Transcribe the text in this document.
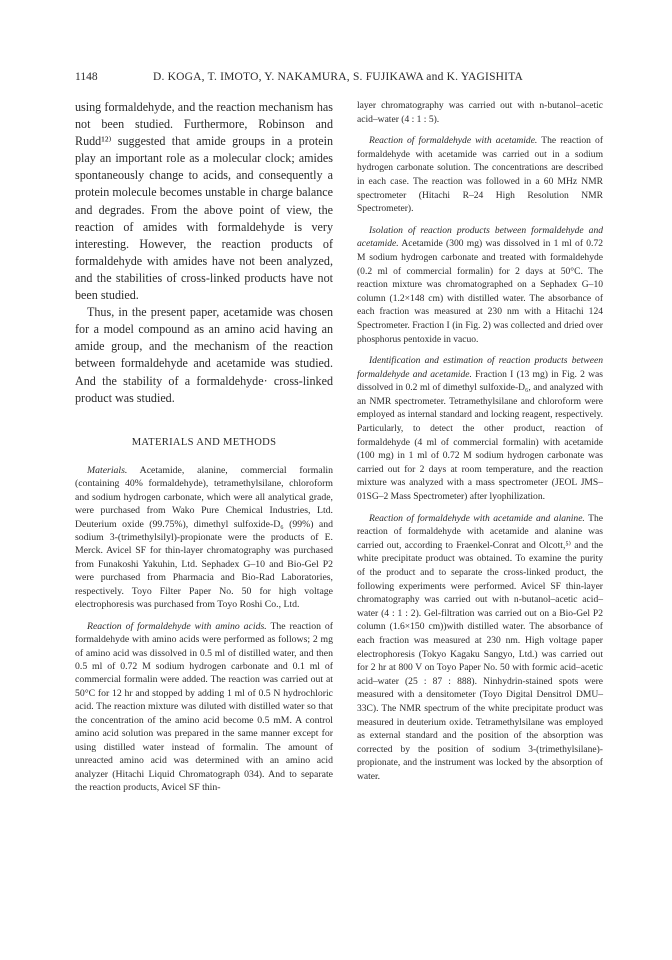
1148	D. KOGA, T. IMOTO, Y. NAKAMURA, S. FUJIKAWA and K. YAGISHITA

using formaldehyde, and the reaction mechanism has not been studied. Furthermore, Robinson and Rudd¹²⁾ suggested that amide groups in a protein play an important role as a molecular clock; amides spontaneously change to acids, and consequently a protein molecule becomes unstable in charge balance and degrades. From the above point of view, the reaction of amides with formaldehyde is very interesting. However, the reaction products of formaldehyde with amides have not been analyzed, and the stabilities of cross-linked products have not been studied.

Thus, in the present paper, acetamide was chosen for a model compound as an amino acid having an amide group, and the mechanism of the reaction between formaldehyde and acetamide was studied. And the stability of a formaldehyde· cross-linked product was studied.

MATERIALS AND METHODS

Materials. Acetamide, alanine, commercial formalin (containing 40% formaldehyde), tetramethylsilane, chloroform and sodium hydrogen carbonate, which were all analytical grade, were purchased from Wako Pure Chemical Industries, Ltd. Deuterium oxide (99.75%), dimethyl sulfoxide-D₆ (99%) and sodium 3-(trimethylsilyl)-propionate were the products of E. Merck. Avicel SF for thin-layer chromatography was purchased from Funakoshi Yakuhin, Ltd. Sephadex G–10 and Bio-Gel P2 were purchased from Pharmacia and Bio-Rad Laboratories, respectively. Toyo Filter Paper No. 50 for high voltage electrophoresis was purchased from Toyo Roshi Co., Ltd.

Reaction of formaldehyde with amino acids. The reaction of formaldehyde with amino acids were performed as follows; 2 mg of amino acid was dissolved in 0.5 ml of distilled water, and then 0.5 ml of 0.72 M sodium hydrogen carbonate and 0.1 ml of commercial formalin were added. The reaction was carried out at 50°C for 12 hr and stopped by adding 1 ml of 0.5 N hydrochloric acid. The reaction mixture was diluted with distilled water so that the concentration of the amino acid become 0.5 mM. A control amino acid solution was prepared in the same manner except for using distilled water instead of formalin. The amount of unreacted amino acid was determined with an amino acid analyzer (Hitachi Liquid Chromatograph 034). And to separate the reaction products, Avicel SF thin-

layer chromatography was carried out with n-butanol–acetic acid–water (4 : 1 : 5).

Reaction of formaldehyde with acetamide. The reaction of formaldehyde with acetamide was carried out in a sodium hydrogen carbonate solution. The concentrations are described in each case. The reaction was followed in a 60 MHz NMR spectrometer (Hitachi R–24 High Resolution NMR Spectrometer).

Isolation of reaction products between formaldehyde and acetamide. Acetamide (300 mg) was dissolved in 1 ml of 0.72 M sodium hydrogen carbonate and treated with formaldehyde (0.2 ml of commercial formalin) for 2 days at 50°C. The reaction mixture was chromatographed on a Sephadex G–10 column (1.2×148 cm) with distilled water. The absorbance of each fraction was measured at 230 nm with a Hitachi 124 Spectrometer. Fraction I (in Fig. 2) was collected and dried over phosphorus pentoxide in vacuo.

Identification and estimation of reaction products between formaldehyde and acetamide. Fraction I (13 mg) in Fig. 2 was dissolved in 0.2 ml of dimethyl sulfoxide-D₆, and analyzed with an NMR spectrometer. Tetramethylsilane and chloroform were employed as internal standard and locking reagent, respectively. Particularly, to detect the other product, reaction of formaldehyde (4 ml of commercial formalin) with acetamide (100 mg) in 1 ml of 0.72 M sodium hydrogen carbonate was carried out for 2 days at room temperature, and the reaction mixture was analyzed with a mass spectrometer (JEOL JMS–01SG–2 Mass Spectrometer) after lyophilization.

Reaction of formaldehyde with acetamide and alanine. The reaction of formaldehyde with acetamide and alanine was carried out, according to Fraenkel-Conrat and Olcott,⁵⁾ and the white precipitate product was obtained. To examine the purity of the product and to separate the cross-linked product, the following experiments were performed. Avicel SF thin-layer chromatography was carried out with n-butanol–acetic acid–water (4 : 1 : 2). Gel-filtration was carried out on a Bio-Gel P2 column (1.6×150 cm))with distilled water. The absorbance of each fraction was measured at 230 nm. High voltage paper electrophoresis (Tokyo Kagaku Sangyo, Ltd.) was carried out for 2 hr at 800 V on Toyo Paper No. 50 with formic acid–acetic acid–water (25 : 87 : 888). Ninhydrin-stained spots were measured with a densitometer (Toyo Digital Densitrol DMU–33C). The NMR spectrum of the white precipitate product was measured in deuterium oxide. Tetramethylsilane was employed as external standard and the position of the absorption was corrected by the position of sodium 3-(trimethylsilane)-propionate, and the instrument was locked by the absorption of water.
